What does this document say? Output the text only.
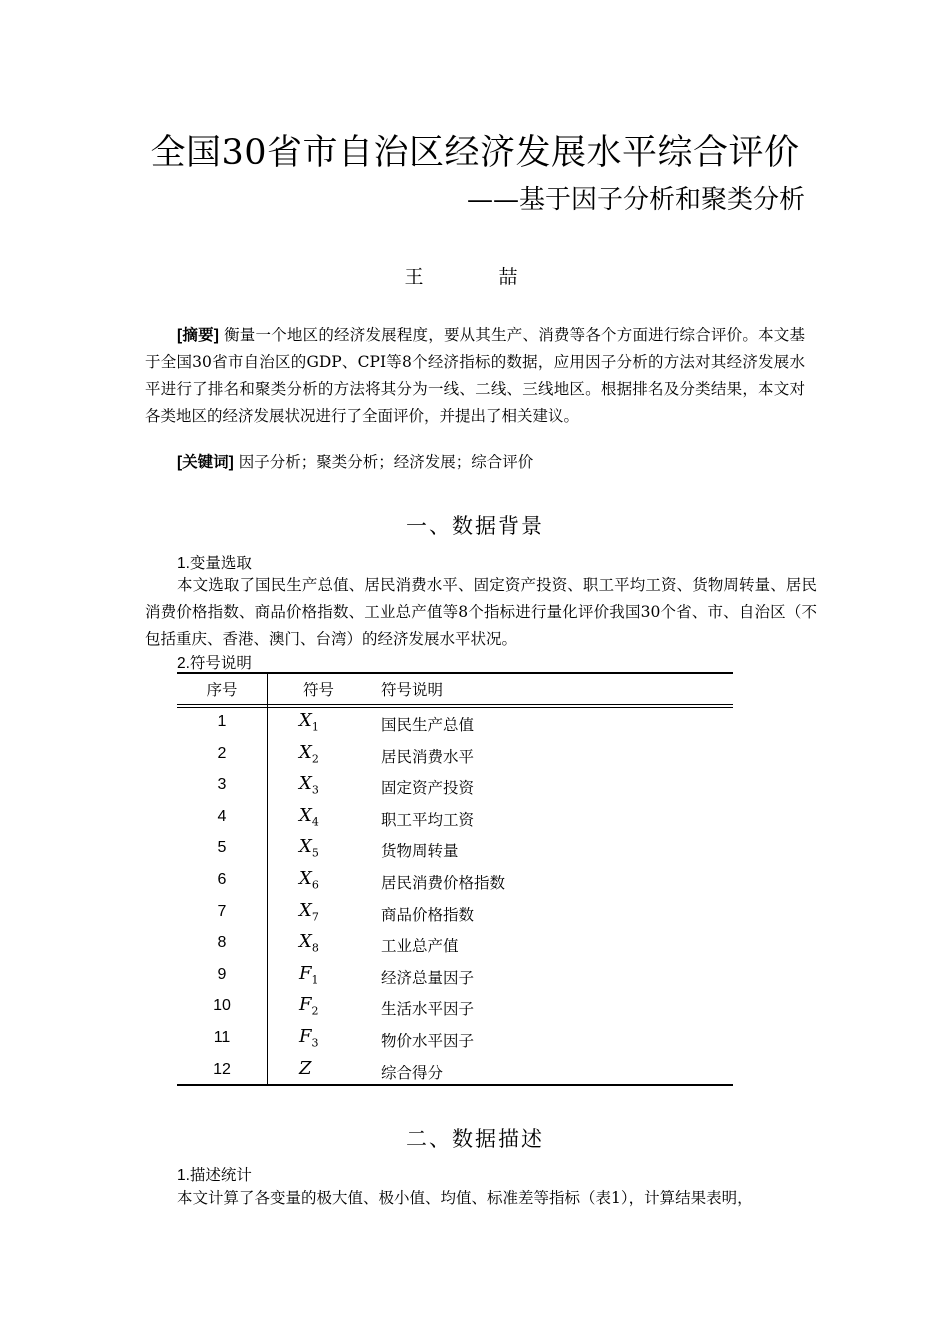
全国30省市自治区经济发展水平综合评价
——基于因子分析和聚类分析
王 喆
[摘要] 衡量一个地区的经济发展程度，要从其生产、消费等各个方面进行综合评价。本文基于全国30省市自治区的GDP、CPI等8个经济指标的数据，应用因子分析的方法对其经济发展水平进行了排名和聚类分析的方法将其分为一线、二线、三线地区。根据排名及分类结果，本文对各类地区的经济发展状况进行了全面评价，并提出了相关建议。
[关键词] 因子分析；聚类分析；经济发展；综合评价
一、数据背景
1.变量选取
本文选取了国民生产总值、居民消费水平、固定资产投资、职工平均工资、货物周转量、居民消费价格指数、商品价格指数、工业总产值等8个指标进行量化评价我国30个省、市、自治区（不包括重庆、香港、澳门、台湾）的经济发展水平状况。
2.符号说明
序号	符号	符号说明
1	$X_1$	国民生产总值
2	$X_2$	居民消费水平
3	$X_3$	固定资产投资
4	$X_4$	职工平均工资
5	$X_5$	货物周转量
6	$X_6$	居民消费价格指数
7	$X_7$	商品价格指数
8	$X_8$	工业总产值
9	$F_1$	经济总量因子
10	$F_2$	生活水平因子
11	$F_3$	物价水平因子
12	Z	综合得分
二、数据描述
1.描述统计
本文计算了各变量的极大值、极小值、均值、标准差等指标（表1），计算结果表明，
